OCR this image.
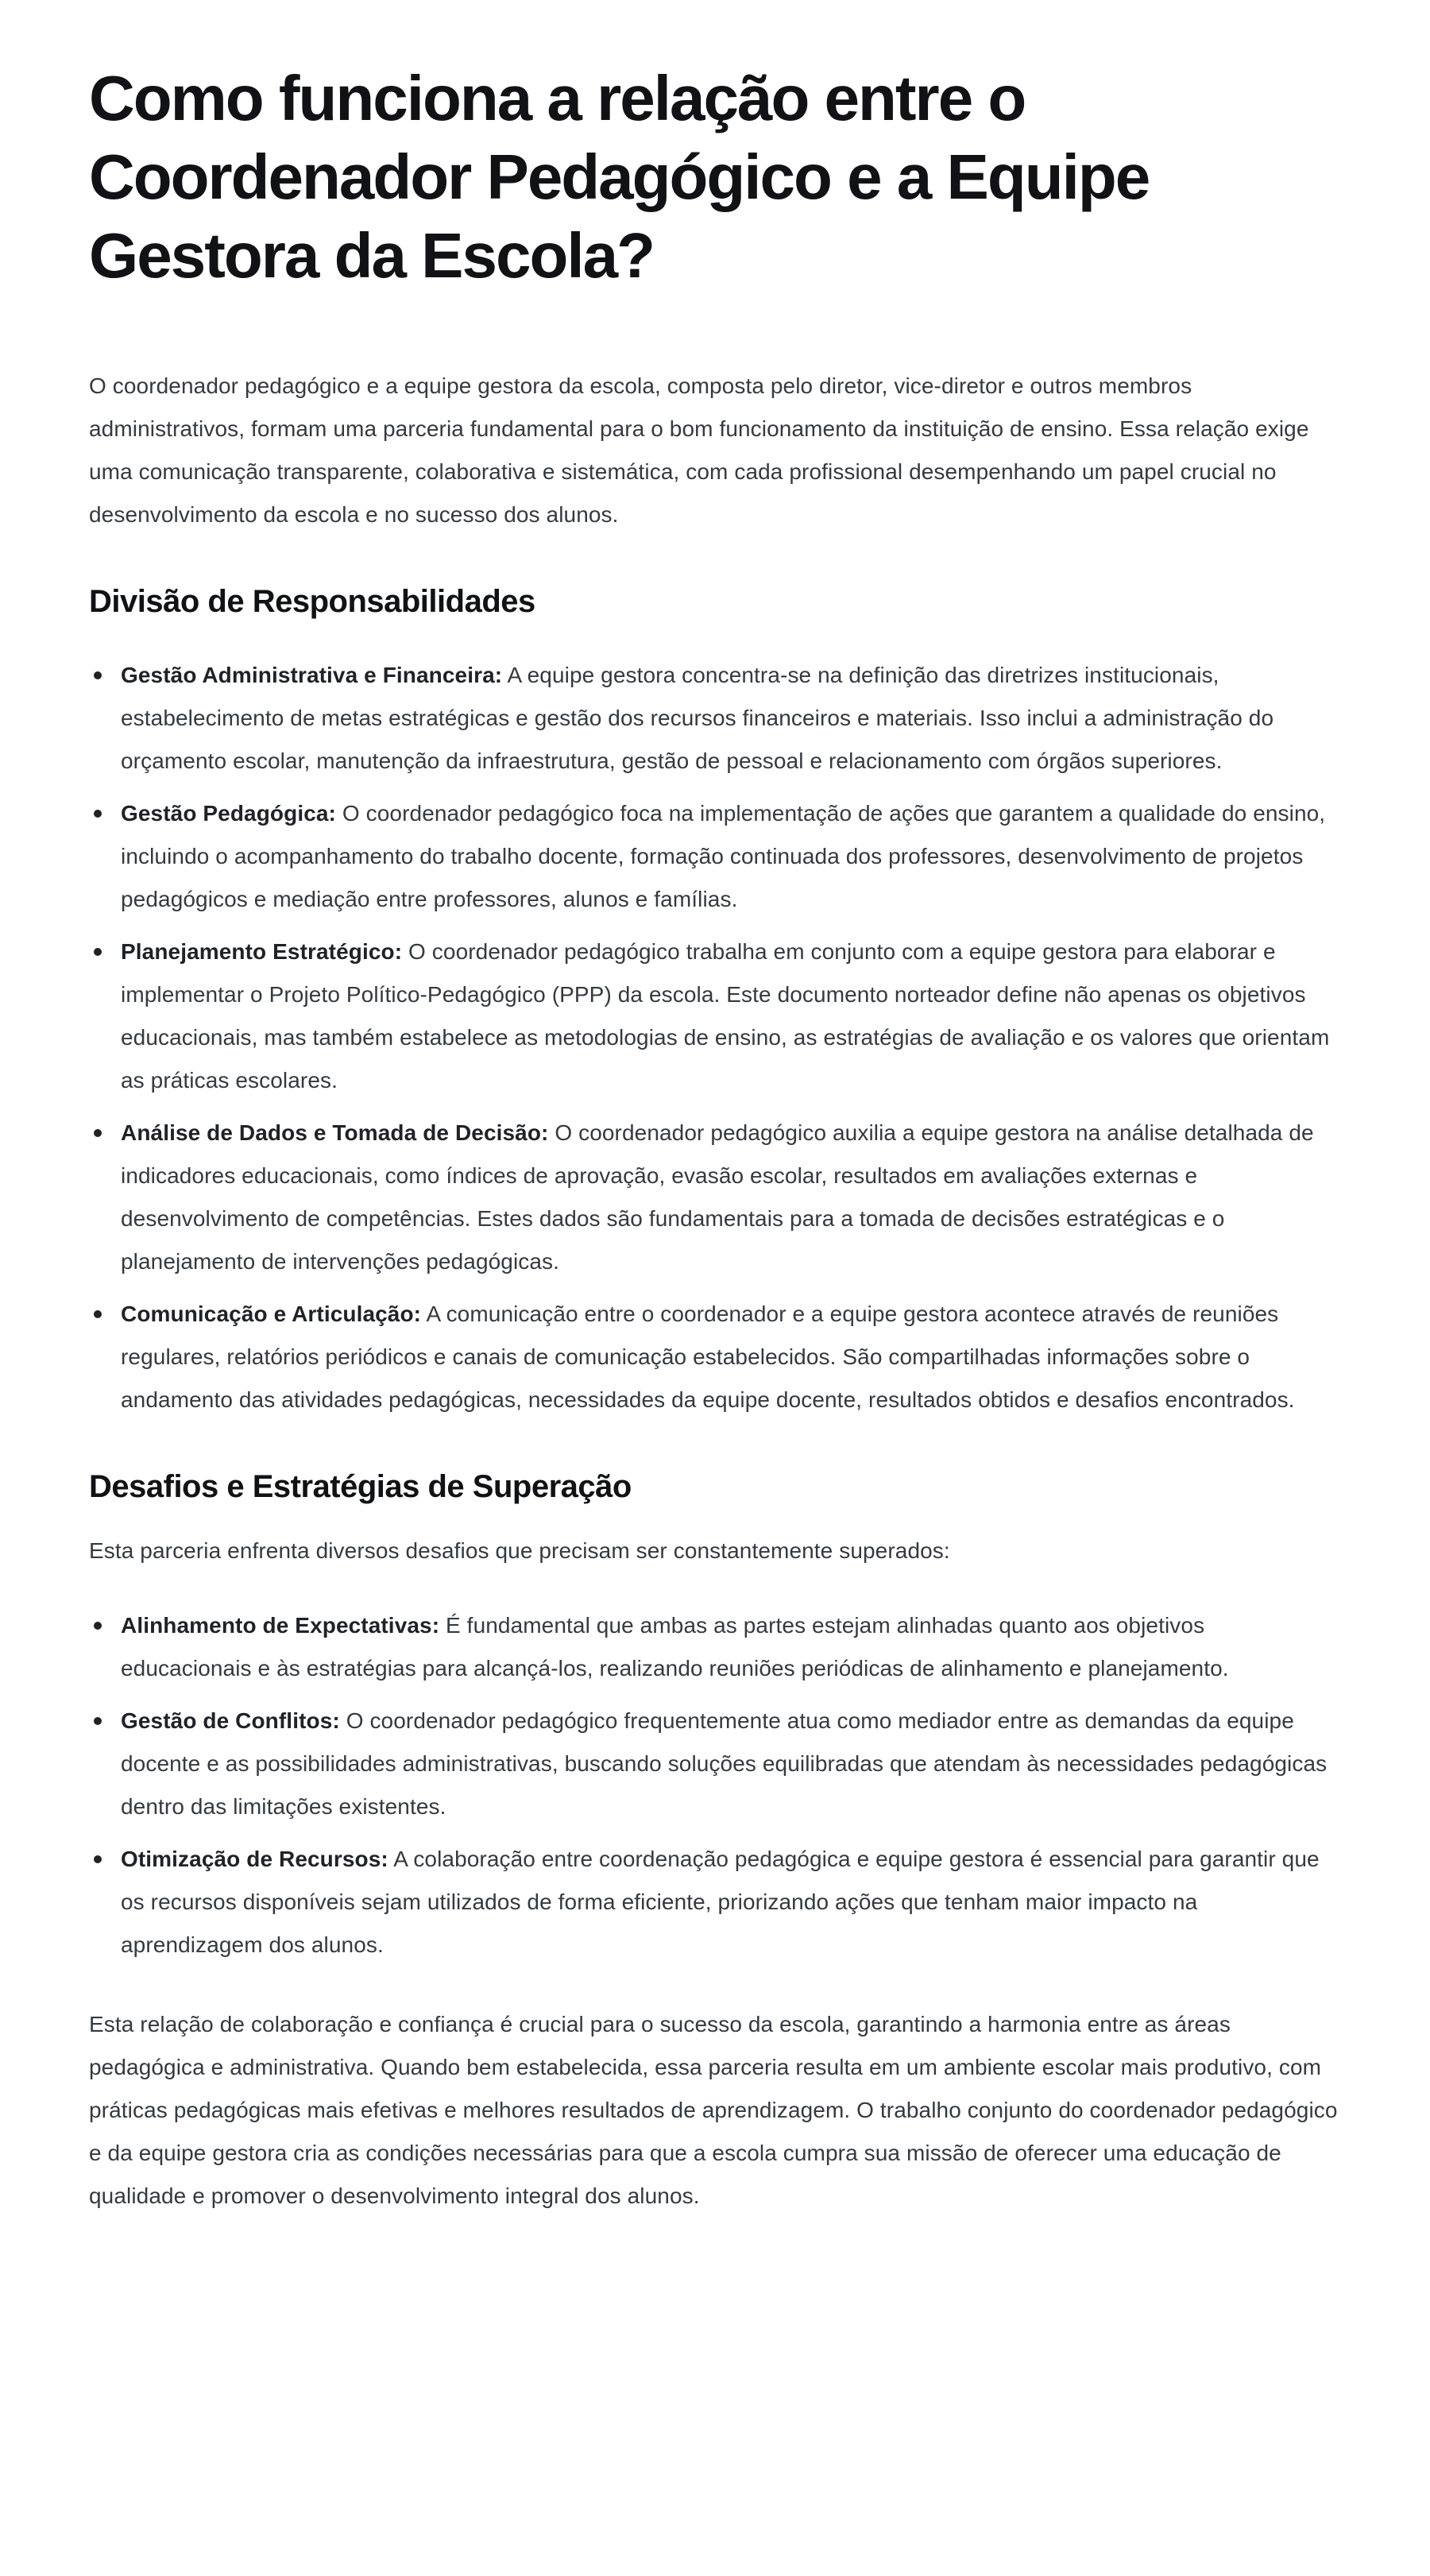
Como funciona a relação entre o Coordenador Pedagógico e a Equipe Gestora da Escola?

O coordenador pedagógico e a equipe gestora da escola, composta pelo diretor, vice-diretor e outros membros administrativos, formam uma parceria fundamental para o bom funcionamento da instituição de ensino. Essa relação exige uma comunicação transparente, colaborativa e sistemática, com cada profissional desempenhando um papel crucial no desenvolvimento da escola e no sucesso dos alunos.

Divisão de Responsabilidades
Gestão Administrativa e Financeira: A equipe gestora concentra-se na definição das diretrizes institucionais, estabelecimento de metas estratégicas e gestão dos recursos financeiros e materiais. Isso inclui a administração do orçamento escolar, manutenção da infraestrutura, gestão de pessoal e relacionamento com órgãos superiores.
Gestão Pedagógica: O coordenador pedagógico foca na implementação de ações que garantem a qualidade do ensino, incluindo o acompanhamento do trabalho docente, formação continuada dos professores, desenvolvimento de projetos pedagógicos e mediação entre professores, alunos e famílias.
Planejamento Estratégico: O coordenador pedagógico trabalha em conjunto com a equipe gestora para elaborar e implementar o Projeto Político-Pedagógico (PPP) da escola. Este documento norteador define não apenas os objetivos educacionais, mas também estabelece as metodologias de ensino, as estratégias de avaliação e os valores que orientam as práticas escolares.
Análise de Dados e Tomada de Decisão: O coordenador pedagógico auxilia a equipe gestora na análise detalhada de indicadores educacionais, como índices de aprovação, evasão escolar, resultados em avaliações externas e desenvolvimento de competências. Estes dados são fundamentais para a tomada de decisões estratégicas e o planejamento de intervenções pedagógicas.
Comunicação e Articulação: A comunicação entre o coordenador e a equipe gestora acontece através de reuniões regulares, relatórios periódicos e canais de comunicação estabelecidos. São compartilhadas informações sobre o andamento das atividades pedagógicas, necessidades da equipe docente, resultados obtidos e desafios encontrados.
Desafios e Estratégias de Superação

Esta parceria enfrenta diversos desafios que precisam ser constantemente superados:

Alinhamento de Expectativas: É fundamental que ambas as partes estejam alinhadas quanto aos objetivos educacionais e às estratégias para alcançá-los, realizando reuniões periódicas de alinhamento e planejamento.
Gestão de Conflitos: O coordenador pedagógico frequentemente atua como mediador entre as demandas da equipe docente e as possibilidades administrativas, buscando soluções equilibradas que atendam às necessidades pedagógicas dentro das limitações existentes.
Otimização de Recursos: A colaboração entre coordenação pedagógica e equipe gestora é essencial para garantir que os recursos disponíveis sejam utilizados de forma eficiente, priorizando ações que tenham maior impacto na aprendizagem dos alunos.

Esta relação de colaboração e confiança é crucial para o sucesso da escola, garantindo a harmonia entre as áreas pedagógica e administrativa. Quando bem estabelecida, essa parceria resulta em um ambiente escolar mais produtivo, com práticas pedagógicas mais efetivas e melhores resultados de aprendizagem. O trabalho conjunto do coordenador pedagógico e da equipe gestora cria as condições necessárias para que a escola cumpra sua missão de oferecer uma educação de qualidade e promover o desenvolvimento integral dos alunos.
